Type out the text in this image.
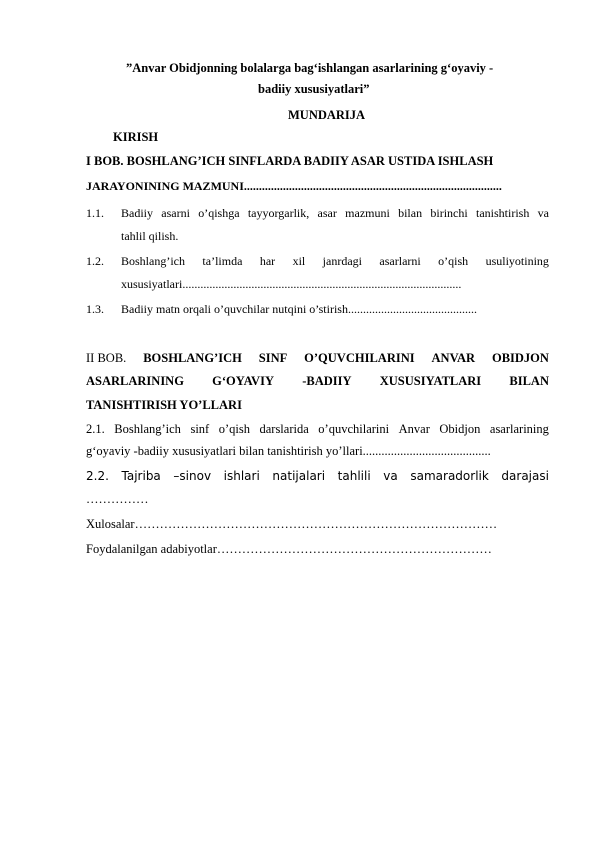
”Anvar Obidjonning bolalarga bag‘ishlangan asarlarining g‘oyaviy -
badiiy xususiyatlari”
MUNDARIJA
KIRISH
I BOB. BOSHLANG’ICH SINFLARDA BADIIY ASAR USTIDA ISHLASH
JARAYONINING MAZMUNI......................................................................................
1.1. Badiiy asarni o’qishga tayyorgarlik, asar mazmuni bilan birinchi tanishtirish va
tahlil qilish.
1.2. Boshlang’ich ta’limda har xil janrdagi asarlarni o’qish usuliyotining
xususiyatlari.............................................................................................
1.3. Badiiy matn orqali o’quvchilar nutqini o’stirish...........................................
II BOB. BOSHLANG’ICH SINF O’QUVCHILARINI ANVAR OBIDJON
ASARLARINING G‘OYAVIY -BADIIY XUSUSIYATLARI BILAN
TANISHTIRISH YO’LLARI
2.1. Boshlang’ich sinf o’qish darslarida o’quvchilarini Anvar Obidjon asarlarining
g‘oyaviy -badiiy xususiyatlari bilan tanishtirish yo’llari.........................................
2.2. Tajriba –sinov ishlari natijalari tahlili va samaradorlik darajasi
……………
Xulosalar……………………………………………………………………………
Foydalanilgan adabiyotlar…………………………………………………………
